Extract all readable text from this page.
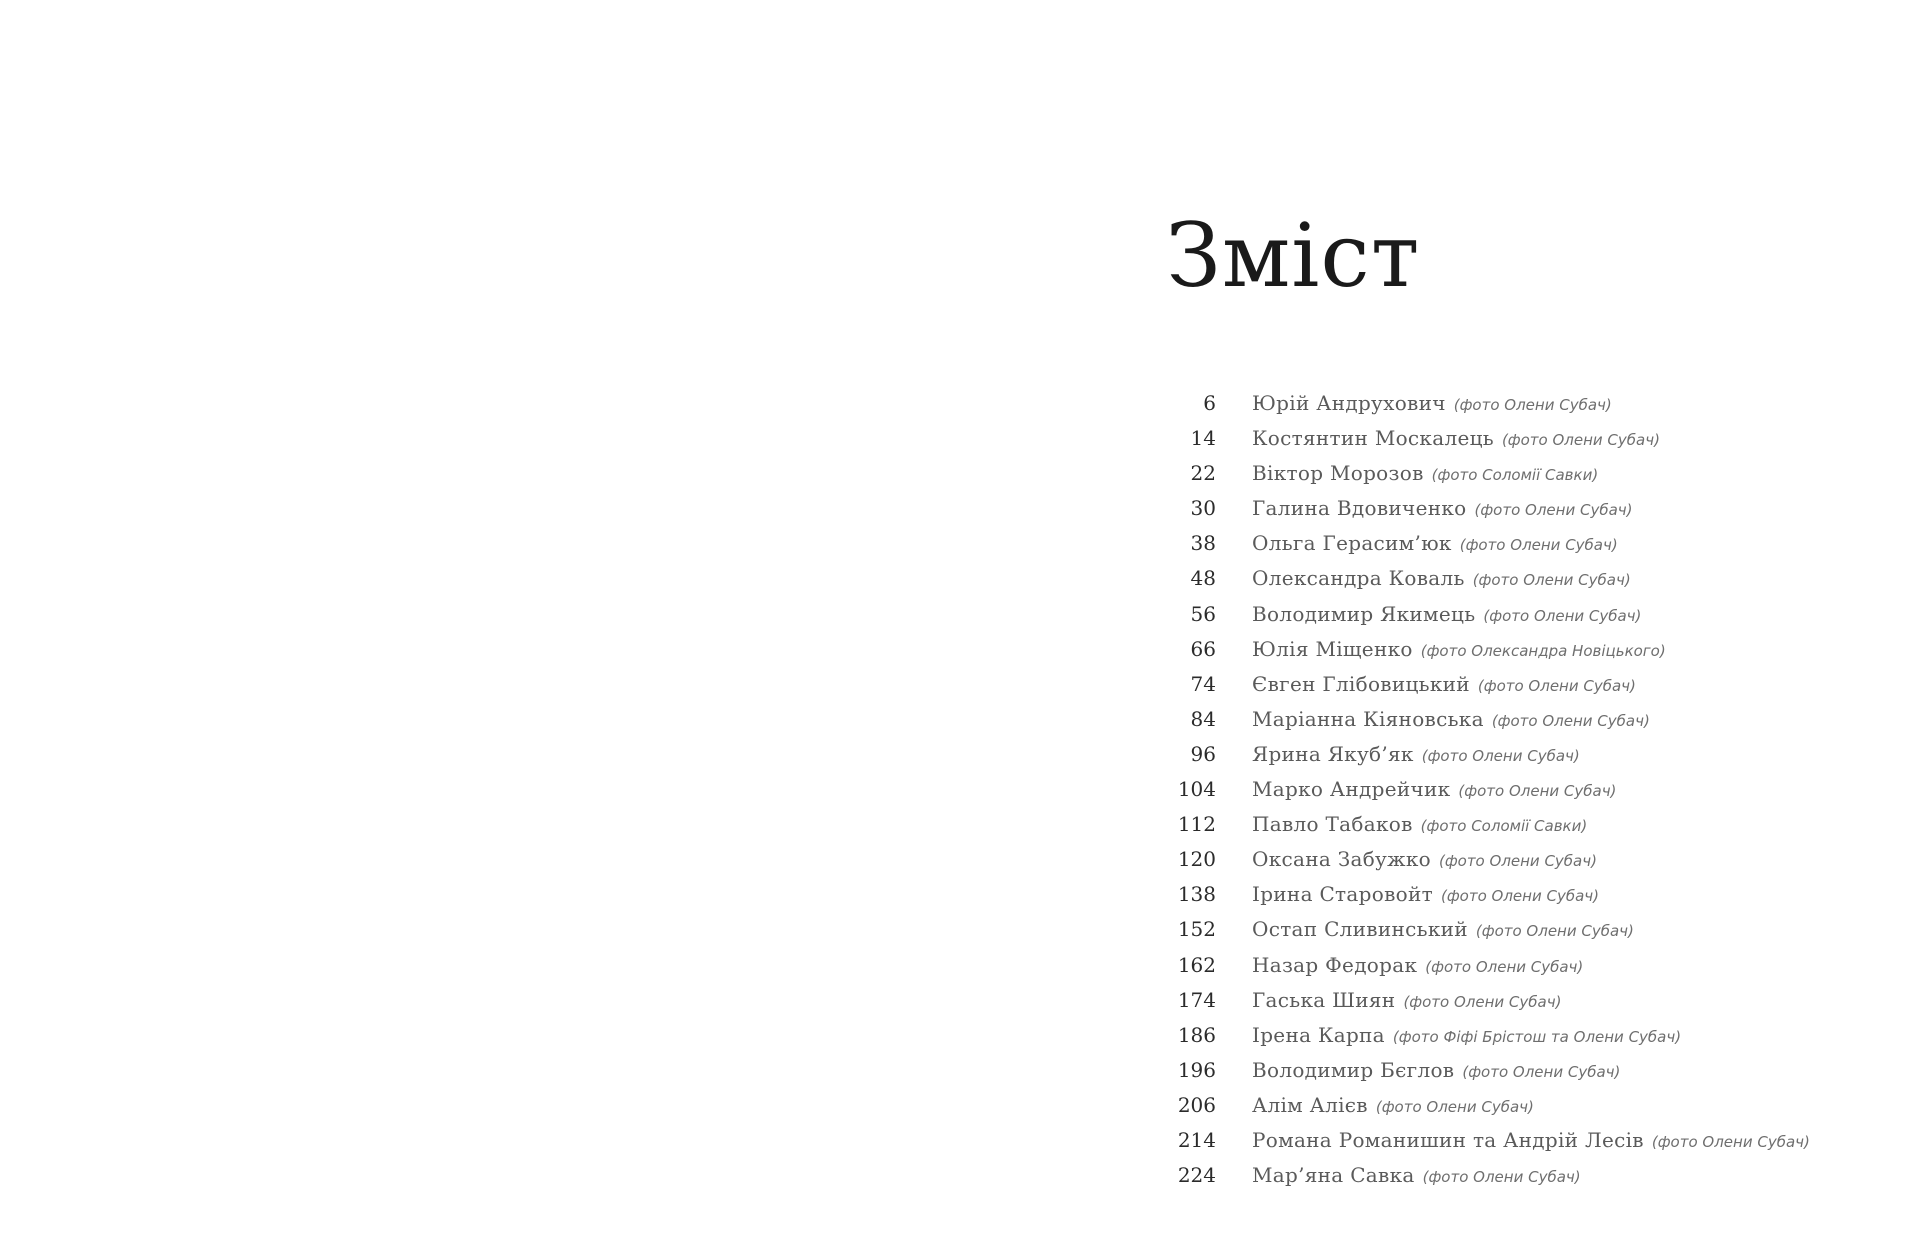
Зміст
6 Юрій Андрухович (фото Олени Субач)
14 Костянтин Москалець (фото Олени Субач)
22 Віктор Морозов (фото Соломії Савки)
30 Галина Вдовиченко (фото Олени Субач)
38 Ольга Герасим’юк (фото Олени Субач)
48 Олександра Коваль (фото Олени Субач)
56 Володимир Якимець (фото Олени Субач)
66 Юлія Міщенко (фото Олександра Новіцького)
74 Євген Глібовицький (фото Олени Субач)
84 Маріанна Кіяновська (фото Олени Субач)
96 Ярина Якуб’як (фото Олени Субач)
104 Марко Андрейчик (фото Олени Субач)
112 Павло Табаков (фото Соломії Савки)
120 Оксана Забужко (фото Олени Субач)
138 Ірина Старовойт (фото Олени Субач)
152 Остап Сливинський (фото Олени Субач)
162 Назар Федорак (фото Олени Субач)
174 Гаська Шиян (фото Олени Субач)
186 Ірена Карпа (фото Фіфі Брістош та Олени Субач)
196 Володимир Бєглов (фото Олени Субач)
206 Алім Алієв (фото Олени Субач)
214 Романа Романишин та Андрій Лесів (фото Олени Субач)
224 Мар’яна Савка (фото Олени Субач)
